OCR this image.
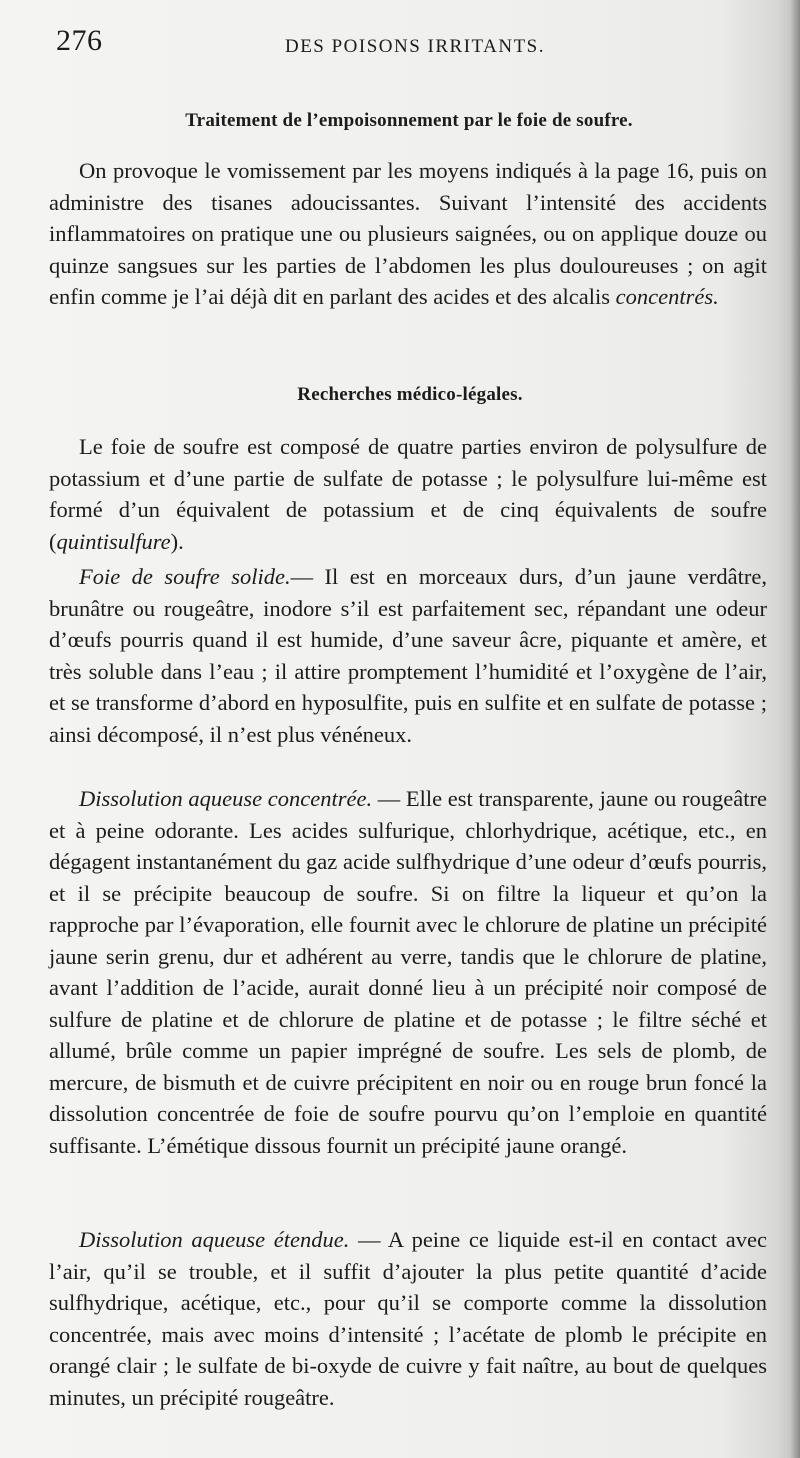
276	DES POISONS IRRITANTS.
Traitement de l’empoisonnement par le foie de soufre.

On provoque le vomissement par les moyens indiqués à la page 16, puis on administre des tisanes adoucissantes. Suivant l’intensité des accidents inflammatoires on pratique une ou plusieurs saignées, ou on applique douze ou quinze sangsues sur les parties de l’abdomen les plus douloureuses ; on agit enfin comme je l’ai déjà dit en parlant des acides et des alcalis concentrés.

Recherches médico-légales.

Le foie de soufre est composé de quatre parties environ de polysulfure de potassium et d’une partie de sulfate de potasse ; le polysulfure lui-même est formé d’un équivalent de potassium et de cinq équivalents de soufre (quintisulfure).

Foie de soufre solide.— Il est en morceaux durs, d’un jaune verdâtre, brunâtre ou rougeâtre, inodore s’il est parfaitement sec, répandant une odeur d’œufs pourris quand il est humide, d’une saveur âcre, piquante et amère, et très soluble dans l’eau ; il attire promptement l’humidité et l’oxygène de l’air, et se transforme d’abord en hyposulfite, puis en sulfite et en sulfate de potasse ; ainsi décomposé, il n’est plus vénéneux.

Dissolution aqueuse concentrée. — Elle est transparente, jaune ou rougeâtre et à peine odorante. Les acides sulfurique, chlorhydrique, acétique, etc., en dégagent instantanément du gaz acide sulfhydrique d’une odeur d’œufs pourris, et il se précipite beaucoup de soufre. Si on filtre la liqueur et qu’on la rapproche par l’évaporation, elle fournit avec le chlorure de platine un précipité jaune serin grenu, dur et adhérent au verre, tandis que le chlorure de platine, avant l’addition de l’acide, aurait donné lieu à un précipité noir composé de sulfure de platine et de chlorure de platine et de potasse ; le filtre séché et allumé, brûle comme un papier imprégné de soufre. Les sels de plomb, de mercure, de bismuth et de cuivre précipitent en noir ou en rouge brun foncé la dissolution concentrée de foie de soufre pourvu qu’on l’emploie en quantité suffisante. L’émétique dissous fournit un précipité jaune orangé.

Dissolution aqueuse étendue. — A peine ce liquide est-il en contact avec l’air, qu’il se trouble, et il suffit d’ajouter la plus petite quantité d’acide sulfhydrique, acétique, etc., pour qu’il se comporte comme la dissolution concentrée, mais avec moins d’intensité ; l’acétate de plomb le précipite en orangé clair ; le sulfate de bi-oxyde de cuivre y fait naître, au bout de quelques minutes, un précipité rougeâtre.
